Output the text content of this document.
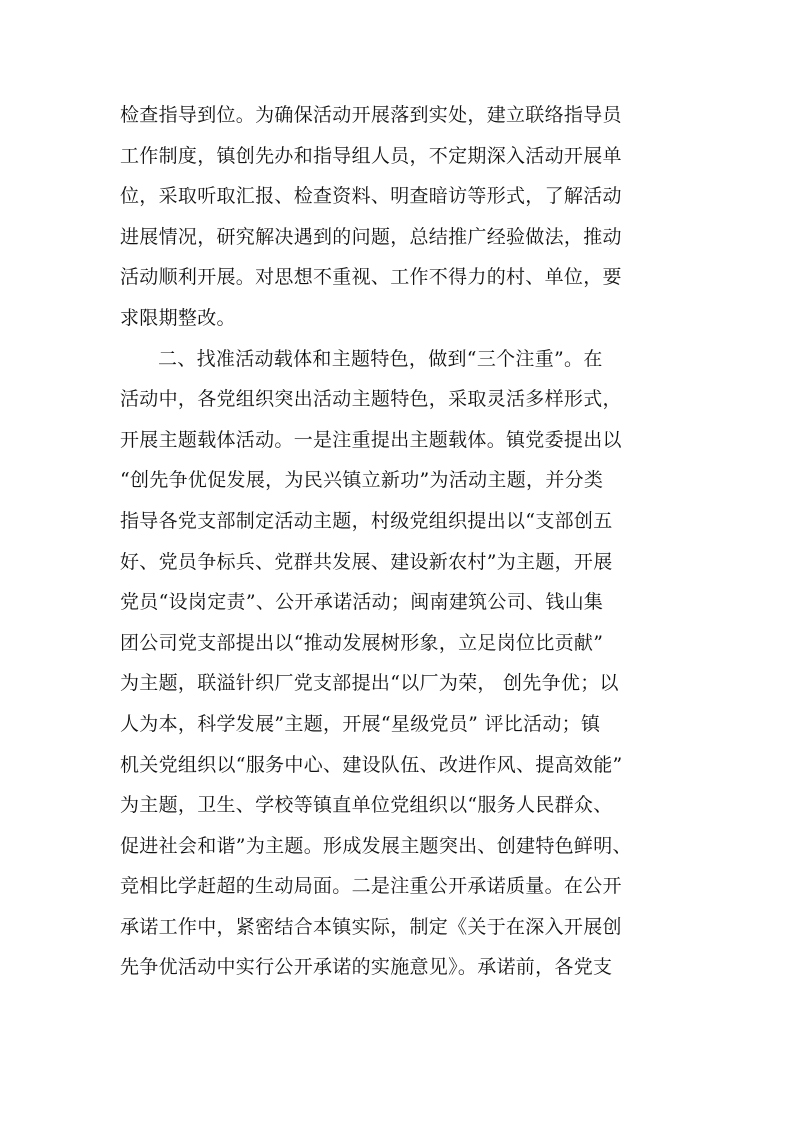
检查指导到位。为确保活动开展落到实处，建立联络指导员
工作制度，镇创先办和指导组人员，不定期深入活动开展单
位，采取听取汇报、检查资料、明查暗访等形式，了解活动
进展情况，研究解决遇到的问题，总结推广经验做法，推动
活动顺利开展。对思想不重视、工作不得力的村、单位，要
求限期整改。
二、找准活动载体和主题特色，做到“三个注重”。在
活动中，各党组织突出活动主题特色，采取灵活多样形式，
开展主题载体活动。一是注重提出主题载体。镇党委提出以
“创先争优促发展，为民兴镇立新功”为活动主题，并分类
指导各党支部制定活动主题，村级党组织提出以“支部创五
好、党员争标兵、党群共发展、建设新农村”为主题，开展
党员“设岗定责”、公开承诺活动；闽南建筑公司、钱山集
团公司党支部提出以“推动发展树形象，立足岗位比贡献”
为主题，联溢针织厂党支部提出“以厂为荣， 创先争优；以
人为本，科学发展”主题，开展“星级党员” 评比活动；镇
机关党组织以“服务中心、建设队伍、改进作风、提高效能”
为主题，卫生、学校等镇直单位党组织以“服务人民群众、
促进社会和谐”为主题。形成发展主题突出、创建特色鲜明、
竞相比学赶超的生动局面。二是注重公开承诺质量。在公开
承诺工作中，紧密结合本镇实际，制定《关于在深入开展创
先争优活动中实行公开承诺的实施意见》。承诺前，各党支
